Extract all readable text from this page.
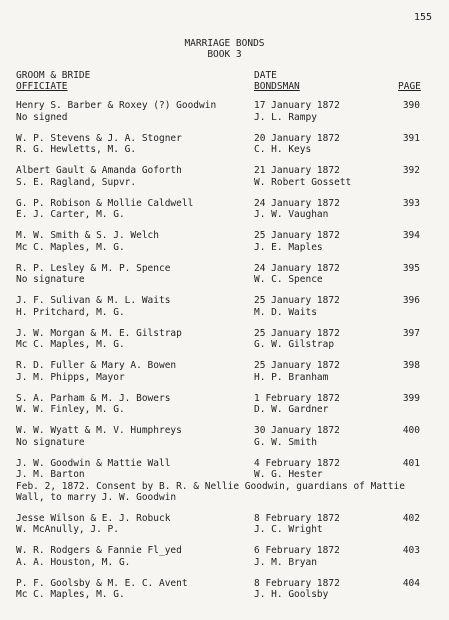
155
MARRIAGE BONDS
BOOK 3
GROOM & BRIDE
OFFICIATE
DATE
BONDSMAN	PAGE
Henry S. Barber & Roxey (?) Goodwin
No signed
17 January 1872
J. L. Rampy
390
W. P. Stevens & J. A. Stogner
R. G. Hewletts, M. G.
20 January 1872
C. H. Keys
391
Albert Gault & Amanda Goforth
S. E. Ragland, Supvr.
21 January 1872
W. Robert Gossett
392
G. P. Robison & Mollie Caldwell
E. J. Carter, M. G.
24 January 1872
J. W. Vaughan
393
M. W. Smith & S. J. Welch
Mc C. Maples, M. G.
25 January 1872
J. E. Maples
394
R. P. Lesley & M. P. Spence
No signature
24 January 1872
W. C. Spence
395
J. F. Sulivan & M. L. Waits
H. Pritchard, M. G.
25 January 1872
M. D. Waits
396
J. W. Morgan & M. E. Gilstrap
Mc C. Maples, M. G.
25 January 1872
G. W. Gilstrap
397
R. D. Fuller & Mary A. Bowen
J. M. Phipps, Mayor
25 January 1872
H. P. Branham
398
S. A. Parham & M. J. Bowers
W. W. Finley, M. G.
1 February 1872
D. W. Gardner
399
W. W. Wyatt & M. V. Humphreys
No signature
30 January 1872
G. W. Smith
400
J. W. Goodwin & Mattie Wall
J. M. Barton
4 February 1872
W. G. Hester
401
Feb. 2, 1872. Consent by B. R. & Nellie Goodwin, guardians of Mattie Wall, to marry J. W. Goodwin
Jesse Wilson & E. J. Robuck
W. McAnully, J. P.
8 February 1872
J. C. Wright
402
W. R. Rodgers & Fannie Fl_yed
A. A. Houston, M. G.
6 February 1872
J. M. Bryan
403
P. F. Goolsby & M. E. C. Avent
Mc C. Maples, M. G.
8 February 1872
J. H. Goolsby
404
